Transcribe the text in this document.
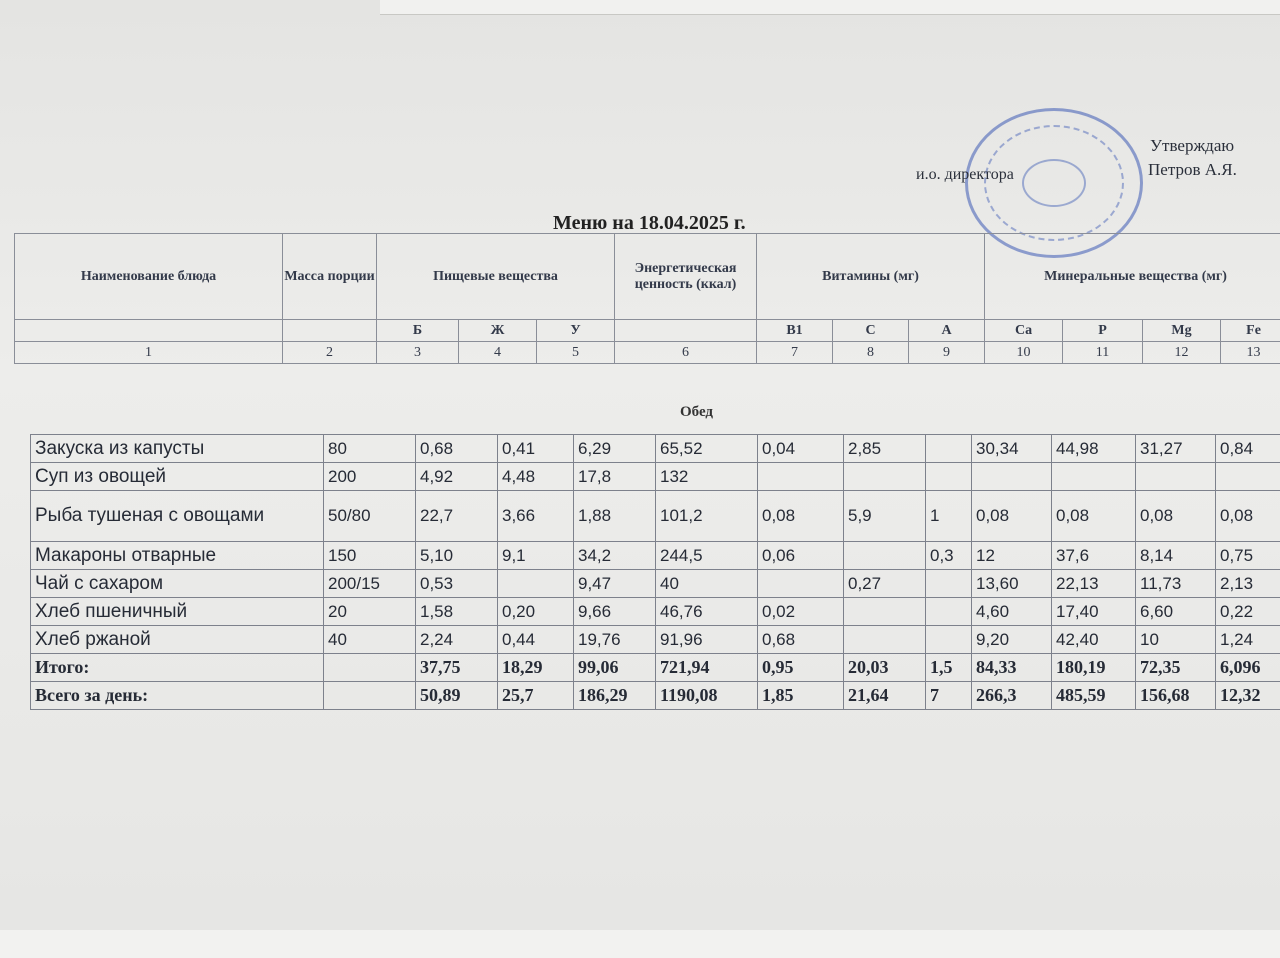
Утверждаю
и.о. директора	Петров А.Я.
Меню на 18.04.2025 г.
Наименование блюда	Масса порции	Пищевые вещества			Энергетическая ценность (ккал)	Витамины (мг)			Минеральные вещества (мг)			
		Б	Ж	У		B1	C	A	Ca	P	Mg	Fe
1	2	3	4	5	6	7	8	9	10	11	12	13
Обед
Закуска из капусты	80	0,68	0,41	6,29	65,52	0,04	2,85		30,34	44,98	31,27	0,84
Суп из овощей	200	4,92	4,48	17,8	132							
Рыба тушеная с овощами	50/80	22,7	3,66	1,88	101,2	0,08	5,9	1	0,08	0,08	0,08	0,08
Макароны отварные	150	5,10	9,1	34,2	244,5	0,06		0,3	12	37,6	8,14	0,75
Чай с сахаром	200/15	0,53		9,47	40		0,27		13,60	22,13	11,73	2,13
Хлеб пшеничный	20	1,58	0,20	9,66	46,76	0,02			4,60	17,40	6,60	0,22
Хлеб ржаной	40	2,24	0,44	19,76	91,96	0,68			9,20	42,40	10	1,24
Итого:		37,75	18,29	99,06	721,94	0,95	20,03	1,5	84,33	180,19	72,35	6,096
Всего за день:		50,89	25,7	186,29	1190,08	1,85	21,64	7	266,3	485,59	156,68	12,32
